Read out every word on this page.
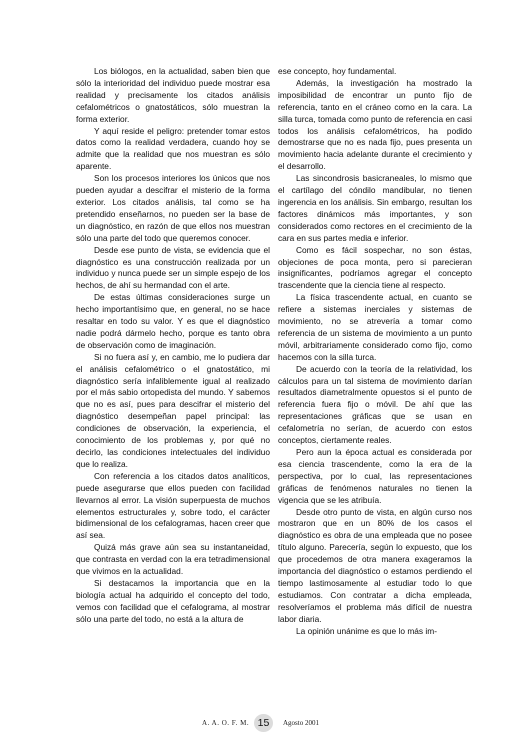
Los biólogos, en la actualidad, saben bien que sólo la interioridad del individuo puede mostrar esa realidad y precisamente los citados análisis cefalométricos o gnatostáticos, sólo muestran la forma exterior.

Y aquí reside el peligro: pretender tomar estos datos como la realidad verdadera, cuando hoy se admite que la realidad que nos muestran es sólo aparente.

Son los procesos interiores los únicos que nos pueden ayudar a descifrar el misterio de la forma exterior. Los citados análisis, tal como se ha pretendido enseñarnos, no pueden ser la base de un diagnóstico, en razón de que ellos nos muestran sólo una parte del todo que queremos conocer.

Desde ese punto de vista, se evidencia que el diagnóstico es una construcción realizada por un individuo y nunca puede ser un simple espejo de los hechos, de ahí su hermandad con el arte.

De estas últimas consideraciones surge un hecho importantísimo que, en general, no se hace resaltar en todo su valor. Y es que el diagnóstico nadie podrá dármelo hecho, porque es tanto obra de observación como de imaginación.

Si no fuera así y, en cambio, me lo pudiera dar el análisis cefalométrico o el gnatostático, mi diagnóstico sería infaliblemente igual al realizado por el más sabio ortopedista del mundo. Y sabemos que no es así, pues para descifrar el misterio del diagnóstico desempeñan papel principal: las condiciones de observación, la experiencia, el conocimiento de los problemas y, por qué no decirlo, las condiciones intelectuales del individuo que lo realiza.

Con referencia a los citados datos analíticos, puede asegurarse que ellos pueden con facilidad llevarnos al error. La visión superpuesta de muchos elementos estructurales y, sobre todo, el carácter bidimensional de los cefalogramas, hacen creer que así sea.

Quizá más grave aún sea su instantaneidad, que contrasta en verdad con la era tetradimensional que vivimos en la actualidad.

Si destacamos la importancia que en la biología actual ha adquirido el concepto del todo, vemos con facilidad que el cefalograma, al mostrar sólo una parte del todo, no está a la altura de

ese concepto, hoy fundamental.

Además, la investigación ha mostrado la imposibilidad de encontrar un punto fijo de referencia, tanto en el cráneo como en la cara. La silla turca, tomada como punto de referencia en casi todos los análisis cefalométricos, ha podido demostrarse que no es nada fijo, pues presenta un movimiento hacia adelante durante el crecimiento y el desarrollo.

Las sincondrosis basicraneales, lo mismo que el cartílago del cóndilo mandibular, no tienen ingerencia en los análisis. Sin embargo, resultan los factores dinámicos más importantes, y son considerados como rectores en el crecimiento de la cara en sus partes media e inferior.

Como es fácil sospechar, no son éstas, objeciones de poca monta, pero si parecieran insignificantes, podríamos agregar el concepto trascendente que la ciencia tiene al respecto.

La física trascendente actual, en cuanto se refiere a sistemas inerciales y sistemas de movimiento, no se atrevería a tomar como referencia de un sistema de movimiento a un punto móvil, arbitrariamente considerado como fijo, como hacemos con la silla turca.

De acuerdo con la teoría de la relatividad, los cálculos para un tal sistema de movimiento darían resultados diametralmente opuestos si el punto de referencia fuera fijo o móvil. De ahí que las representaciones gráficas que se usan en cefalometría no serían, de acuerdo con estos conceptos, ciertamente reales.

Pero aun la época actual es considerada por esa ciencia trascendente, como la era de la perspectiva, por lo cual, las representaciones gráficas de fenómenos naturales no tienen la vigencia que se les atribuía.

Desde otro punto de vista, en algún curso nos mostraron que en un 80% de los casos el diagnóstico es obra de una empleada que no posee título alguno. Parecería, según lo expuesto, que los que procedemos de otra manera exageramos la importancia del diagnóstico o estamos perdiendo el tiempo lastimosamente al estudiar todo lo que estudiamos. Con contratar a dicha empleada, resolveríamos el problema más difícil de nuestra labor diaria.

La opinión unánime es que lo más im-

A. A. O. F. M. 15	Agosto 2001
